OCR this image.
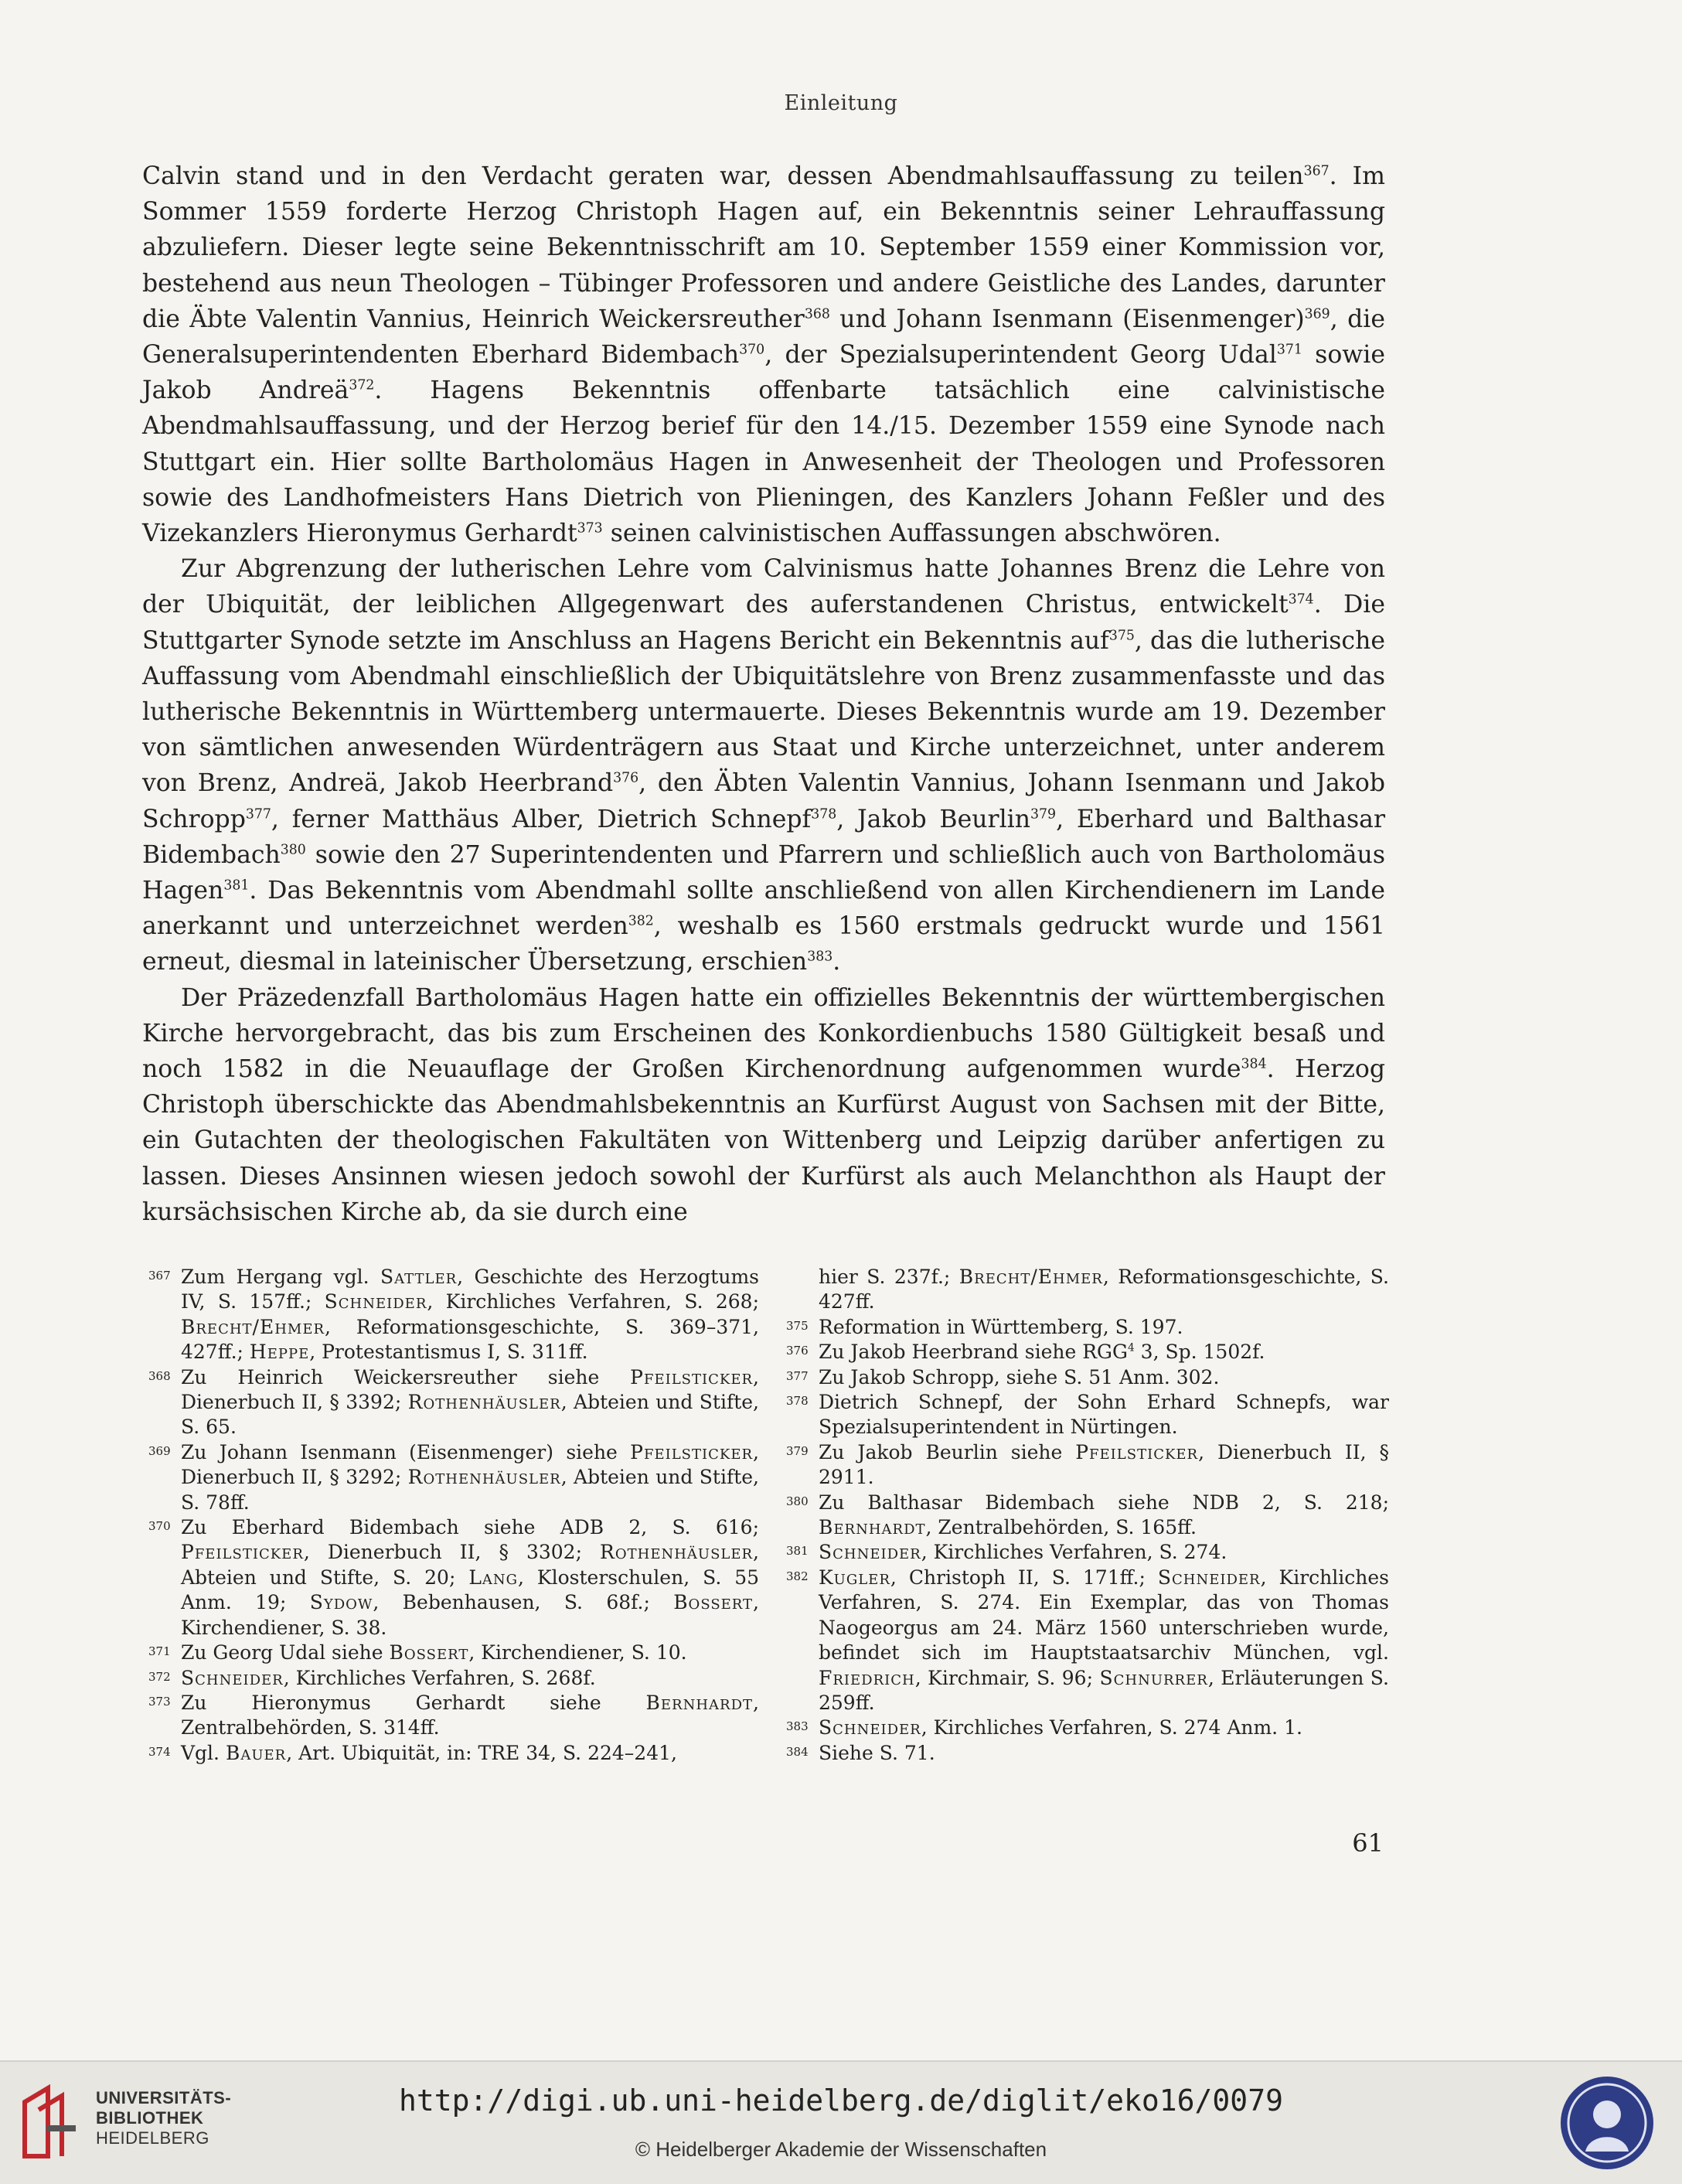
Einleitung

Calvin stand und in den Verdacht geraten war, dessen Abendmahlsauffassung zu teilen$^{367}$. Im Sommer 1559 forderte Herzog Christoph Hagen auf, ein Bekenntnis seiner Lehrauffassung abzuliefern. Dieser legte seine Bekenntnisschrift am 10. September 1559 einer Kommission vor, bestehend aus neun Theologen – Tübinger Professoren und andere Geistliche des Landes, darunter die Äbte Valentin Vannius, Heinrich Weickersreuther$^{368}$ und Johann Isenmann (Eisenmenger)$^{369}$, die Generalsuperintendenten Eberhard Bidembach$^{370}$, der Spezialsuperintendent Georg Udal$^{371}$ sowie Jakob Andreä$^{372}$. Hagens Bekenntnis offenbarte tatsächlich eine calvinistische Abendmahlsauffassung, und der Herzog berief für den 14./15. Dezember 1559 eine Synode nach Stuttgart ein. Hier sollte Bartholomäus Hagen in Anwesenheit der Theologen und Professoren sowie des Landhofmeisters Hans Dietrich von Plieningen, des Kanzlers Johann Feßler und des Vizekanzlers Hieronymus Gerhardt$^{373}$ seinen calvinistischen Auffassungen abschwören.

Zur Abgrenzung der lutherischen Lehre vom Calvinismus hatte Johannes Brenz die Lehre von der Ubiquität, der leiblichen Allgegenwart des auferstandenen Christus, entwickelt$^{374}$. Die Stuttgarter Synode setzte im Anschluss an Hagens Bericht ein Bekenntnis auf$^{375}$, das die lutherische Auffassung vom Abendmahl einschließlich der Ubiquitätslehre von Brenz zusammenfasste und das lutherische Bekenntnis in Württemberg untermauerte. Dieses Bekenntnis wurde am 19. Dezember von sämtlichen anwesenden Würdenträgern aus Staat und Kirche unterzeichnet, unter anderem von Brenz, Andreä, Jakob Heerbrand$^{376}$, den Äbten Valentin Vannius, Johann Isenmann und Jakob Schropp$^{377}$, ferner Matthäus Alber, Dietrich Schnepf$^{378}$, Jakob Beurlin$^{379}$, Eberhard und Balthasar Bidembach$^{380}$ sowie den 27 Superintendenten und Pfarrern und schließlich auch von Bartholomäus Hagen$^{381}$. Das Bekenntnis vom Abendmahl sollte anschließend von allen Kirchendienern im Lande anerkannt und unterzeichnet werden$^{382}$, weshalb es 1560 erstmals gedruckt wurde und 1561 erneut, diesmal in lateinischer Übersetzung, erschien$^{383}$.

Der Präzedenzfall Bartholomäus Hagen hatte ein offizielles Bekenntnis der württembergischen Kirche hervorgebracht, das bis zum Erscheinen des Konkordienbuchs 1580 Gültigkeit besaß und noch 1582 in die Neuauflage der Großen Kirchenordnung aufgenommen wurde$^{384}$. Herzog Christoph überschickte das Abendmahlsbekenntnis an Kurfürst August von Sachsen mit der Bitte, ein Gutachten der theologischen Fakultäten von Wittenberg und Leipzig darüber anfertigen zu lassen. Dieses Ansinnen wiesen jedoch sowohl der Kurfürst als auch Melanchthon als Haupt der kursächsischen Kirche ab, da sie durch eine

367 Zum Hergang vgl. Sattler, Geschichte des Herzogtums IV, S. 157ff.; Schneider, Kirchliches Verfahren, S. 268; Brecht/Ehmer, Reformationsgeschichte, S. 369–371, 427ff.; Heppe, Protestantismus I, S. 311ff.

368 Zu Heinrich Weickersreuther siehe Pfeilsticker, Dienerbuch II, § 3392; Rothenhäusler, Abteien und Stifte, S. 65.

369 Zu Johann Isenmann (Eisenmenger) siehe Pfeilsticker, Dienerbuch II, § 3292; Rothenhäusler, Abteien und Stifte, S. 78ff.

370 Zu Eberhard Bidembach siehe ADB 2, S. 616; Pfeilsticker, Dienerbuch II, § 3302; Rothenhäusler, Abteien und Stifte, S. 20; Lang, Klosterschulen, S. 55 Anm. 19; Sydow, Bebenhausen, S. 68f.; Bossert, Kirchendiener, S. 38.

371 Zu Georg Udal siehe Bossert, Kirchendiener, S. 10.

372 Schneider, Kirchliches Verfahren, S. 268f.

373 Zu Hieronymus Gerhardt siehe Bernhardt, Zentralbehörden, S. 314ff.

374 Vgl. Bauer, Art. Ubiquität, in: TRE 34, S. 224–241,

hier S. 237f.; Brecht/Ehmer, Reformationsgeschichte, S. 427ff.

375 Reformation in Württemberg, S. 197.

376 Zu Jakob Heerbrand siehe RGG$^4$ 3, Sp. 1502f.

377 Zu Jakob Schropp, siehe S. 51 Anm. 302.

378 Dietrich Schnepf, der Sohn Erhard Schnepfs, war Spezialsuperintendent in Nürtingen.

379 Zu Jakob Beurlin siehe Pfeilsticker, Dienerbuch II, § 2911.

380 Zu Balthasar Bidembach siehe NDB 2, S. 218; Bernhardt, Zentralbehörden, S. 165ff.

381 Schneider, Kirchliches Verfahren, S. 274.

382 Kugler, Christoph II, S. 171ff.; Schneider, Kirchliches Verfahren, S. 274. Ein Exemplar, das von Thomas Naogeorgus am 24. März 1560 unterschrieben wurde, befindet sich im Hauptstaatsarchiv München, vgl. Friedrich, Kirchmair, S. 96; Schnurrer, Erläuterungen S. 259ff.

383 Schneider, Kirchliches Verfahren, S. 274 Anm. 1.

384 Siehe S. 71.

61
UNIVERSITÄTS-
BIBLIOTHEK
HEIDELBERG
http://digi.ub.uni-heidelberg.de/diglit/eko16/0079
© Heidelberger Akademie der Wissenschaften
